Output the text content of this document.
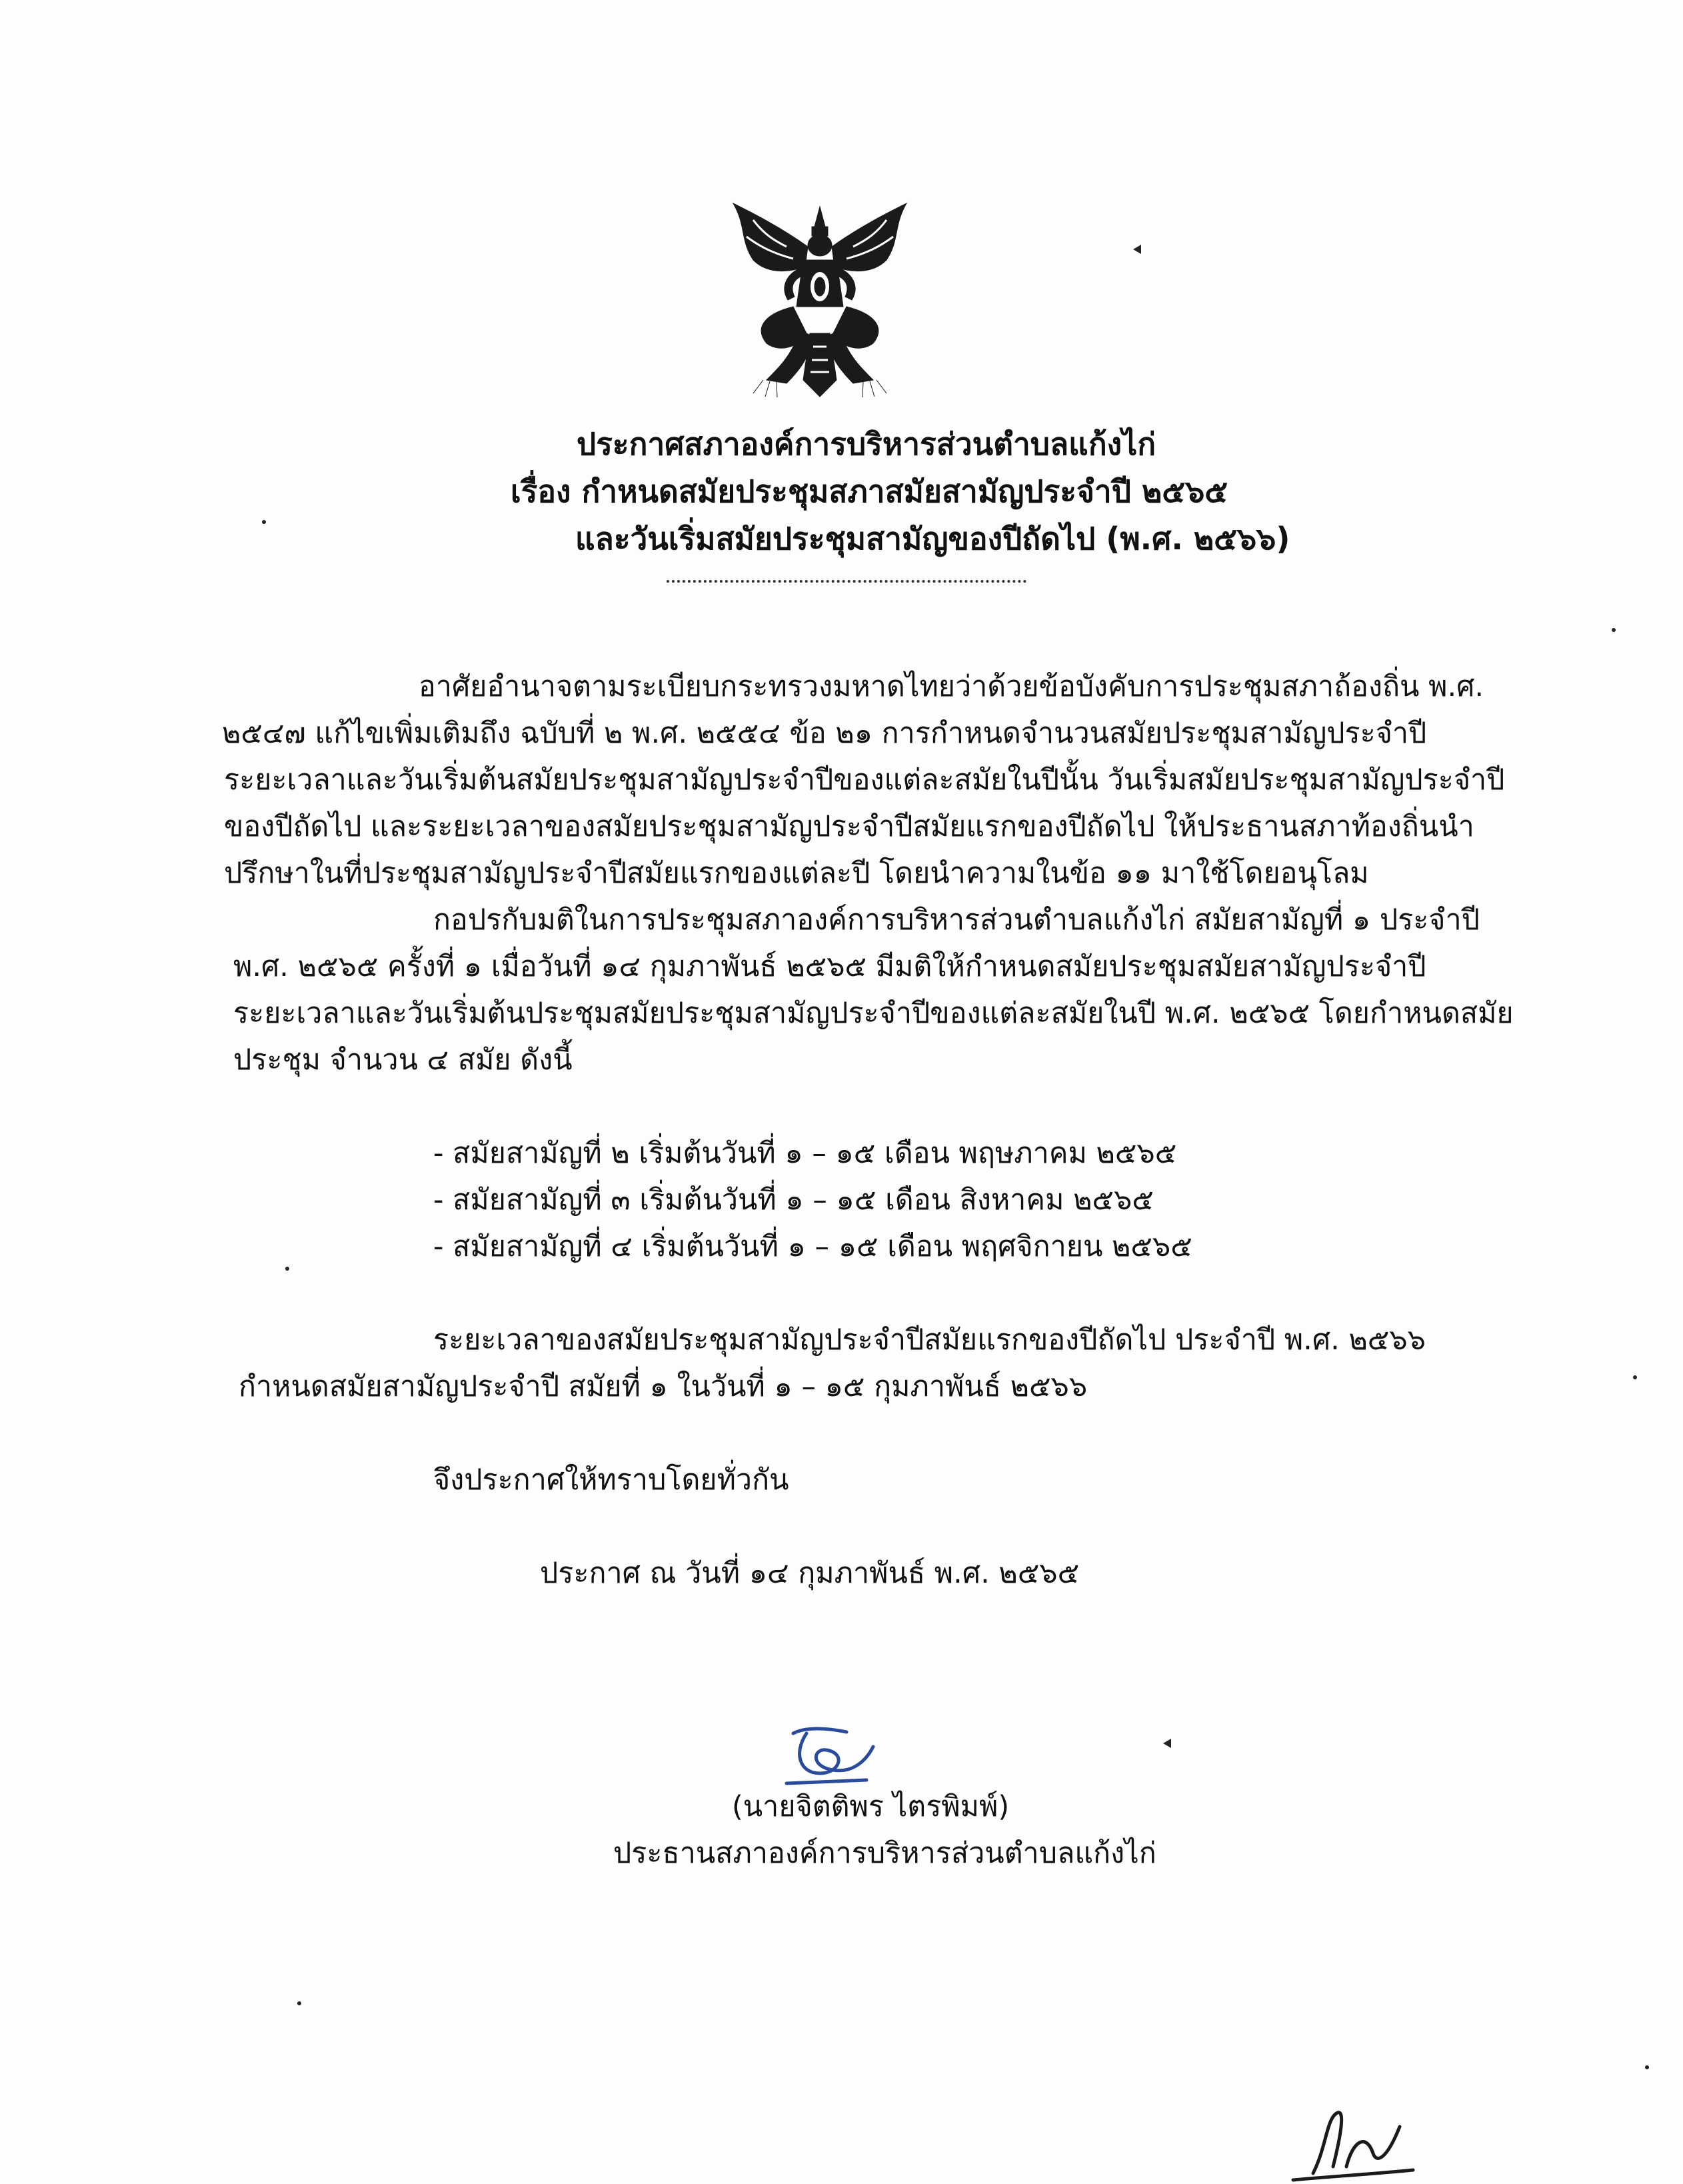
ประกาศสภาองค์การบริหารส่วนตำบลแก้งไก่
เรื่อง กำหนดสมัยประชุมสภาสมัยสามัญประจำปี ๒๕๖๕
และวันเริ่มสมัยประชุมสามัญของปีถัดไป (พ.ศ. ๒๕๖๖)
อาศัยอำนาจตามระเบียบกระทรวงมหาดไทยว่าด้วยข้อบังคับการประชุมสภาถ้องถิ่น พ.ศ.
๒๕๔๗ แก้ไขเพิ่มเติมถึง ฉบับที่ ๒ พ.ศ. ๒๕๕๔ ข้อ ๒๑ การกำหนดจำนวนสมัยประชุมสามัญประจำปี
ระยะเวลาและวันเริ่มต้นสมัยประชุมสามัญประจำปีของแต่ละสมัยในปีนั้น วันเริ่มสมัยประชุมสามัญประจำปี
ของปีถัดไป และระยะเวลาของสมัยประชุมสามัญประจำปีสมัยแรกของปีถัดไป ให้ประธานสภาท้องถิ่นนำ
ปรึกษาในที่ประชุมสามัญประจำปีสมัยแรกของแต่ละปี โดยนำความในข้อ ๑๑ มาใช้โดยอนุโลม
กอปรกับมติในการประชุมสภาองค์การบริหารส่วนตำบลแก้งไก่ สมัยสามัญที่ ๑ ประจำปี
พ.ศ. ๒๕๖๕ ครั้งที่ ๑ เมื่อวันที่ ๑๔ กุมภาพันธ์ ๒๕๖๕ มีมติให้กำหนดสมัยประชุมสมัยสามัญประจำปี
ระยะเวลาและวันเริ่มต้นประชุมสมัยประชุมสามัญประจำปีของแต่ละสมัยในปี พ.ศ. ๒๕๖๕ โดยกำหนดสมัย
ประชุม จำนวน ๔ สมัย ดังนี้
- สมัยสามัญที่ ๒ เริ่มต้นวันที่ ๑ – ๑๕ เดือน พฤษภาคม ๒๕๖๕
- สมัยสามัญที่ ๓ เริ่มต้นวันที่ ๑ – ๑๕ เดือน สิงหาคม ๒๕๖๕
- สมัยสามัญที่ ๔ เริ่มต้นวันที่ ๑ – ๑๕ เดือน พฤศจิกายน ๒๕๖๕
ระยะเวลาของสมัยประชุมสามัญประจำปีสมัยแรกของปีถัดไป ประจำปี พ.ศ. ๒๕๖๖
กำหนดสมัยสามัญประจำปี สมัยที่ ๑ ในวันที่ ๑ – ๑๕ กุมภาพันธ์ ๒๕๖๖
จึงประกาศให้ทราบโดยทั่วกัน
ประกาศ ณ วันที่ ๑๔ กุมภาพันธ์ พ.ศ. ๒๕๖๕
(นายจิตติพร ไตรพิมพ์)
ประธานสภาองค์การบริหารส่วนตำบลแก้งไก่
